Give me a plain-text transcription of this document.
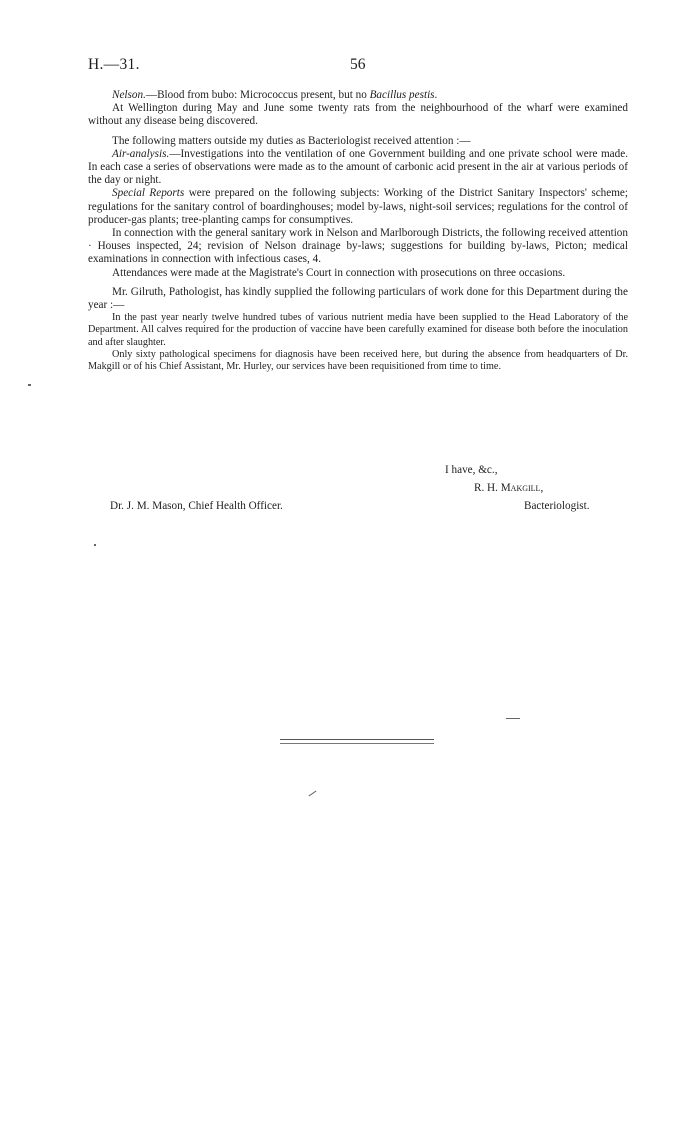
H.—31.	56

Nelson.—Blood from bubo: Micrococcus present, but no Bacillus pestis.

At Wellington during May and June some twenty rats from the neighbourhood of the wharf were examined without any disease being discovered.

The following matters outside my duties as Bacteriologist received attention :—

Air-analysis.—Investigations into the ventilation of one Government building and one private school were made. In each case a series of observations were made as to the amount of carbonic acid present in the air at various periods of the day or night.

Special Reports were prepared on the following subjects: Working of the District Sanitary Inspectors' scheme; regulations for the sanitary control of boardinghouses; model by-laws, night-soil services; regulations for the control of producer-gas plants; tree-planting camps for consumptives.

In connection with the general sanitary work in Nelson and Marlborough Districts, the following received attention · Houses inspected, 24; revision of Nelson drainage by-laws; suggestions for building by-laws, Picton; medical examinations in connection with infectious cases, 4.

Attendances were made at the Magistrate's Court in connection with prosecutions on three occasions.

Mr. Gilruth, Pathologist, has kindly supplied the following particulars of work done for this Department during the year :—

In the past year nearly twelve hundred tubes of various nutrient media have been supplied to the Head Laboratory of the Department. All calves required for the production of vaccine have been carefully examined for disease both before the inoculation and after slaughter.

Only sixty pathological specimens for diagnosis have been received here, but during the absence from headquarters of Dr. Makgill or of his Chief Assistant, Mr. Hurley, our services have been requisitioned from time to time.

I have, &c.,
R. H. Makgill,
Dr. J. M. Mason, Chief Health Officer.	Bacteriologist.
